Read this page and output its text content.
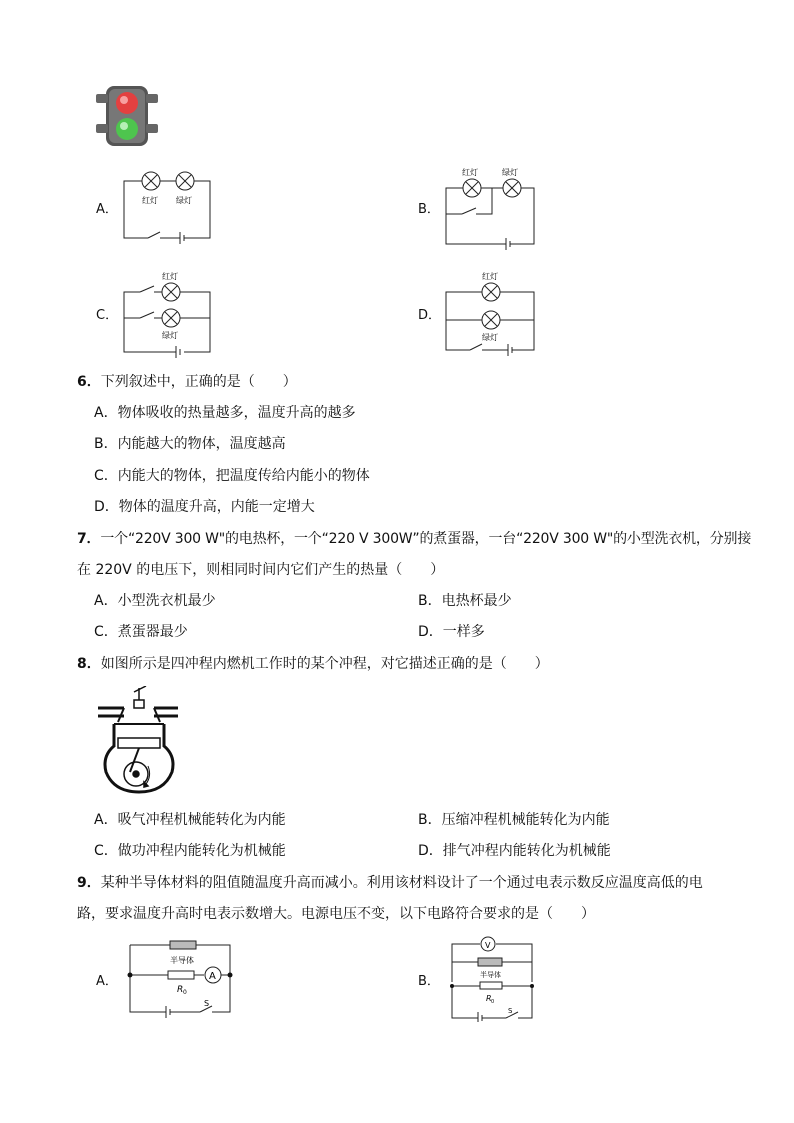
A．
红灯 绿灯
B．
红灯	绿灯
C．
红灯
绿灯
D．
红灯
绿灯
6．下列叙述中，正确的是（　　）
A．物体吸收的热量越多，温度升高的越多
B．内能越大的物体，温度越高
C．内能大的物体，把温度传给内能小的物体
D．物体的温度升高，内能一定增大
7．一个“220V 300 W"的电热杯，一个“220 V 300W”的煮蛋器，一台“220V 300 W"的小型洗衣机，分别接
在 220V 的电压下，则相同时间内它们产生的热量（　　）
A．小型洗衣机最少	B．电热杯最少
C．煮蛋器最少	D．一样多
8．如图所示是四冲程内燃机工作时的某个冲程，对它描述正确的是（　　）
A．吸气冲程机械能转化为内能	B．压缩冲程机械能转化为内能
C．做功冲程内能转化为机械能	D．排气冲程内能转化为机械能
9．某种半导体材料的阻值随温度升高而减小。利用该材料设计了一个通过电表示数反应温度高低的电
路，要求温度升高时电表示数增大。电源电压不变，以下电路符合要求的是（　　）
A．
半导体
R 0
S
A	B．
V
半导体
R 0
S
